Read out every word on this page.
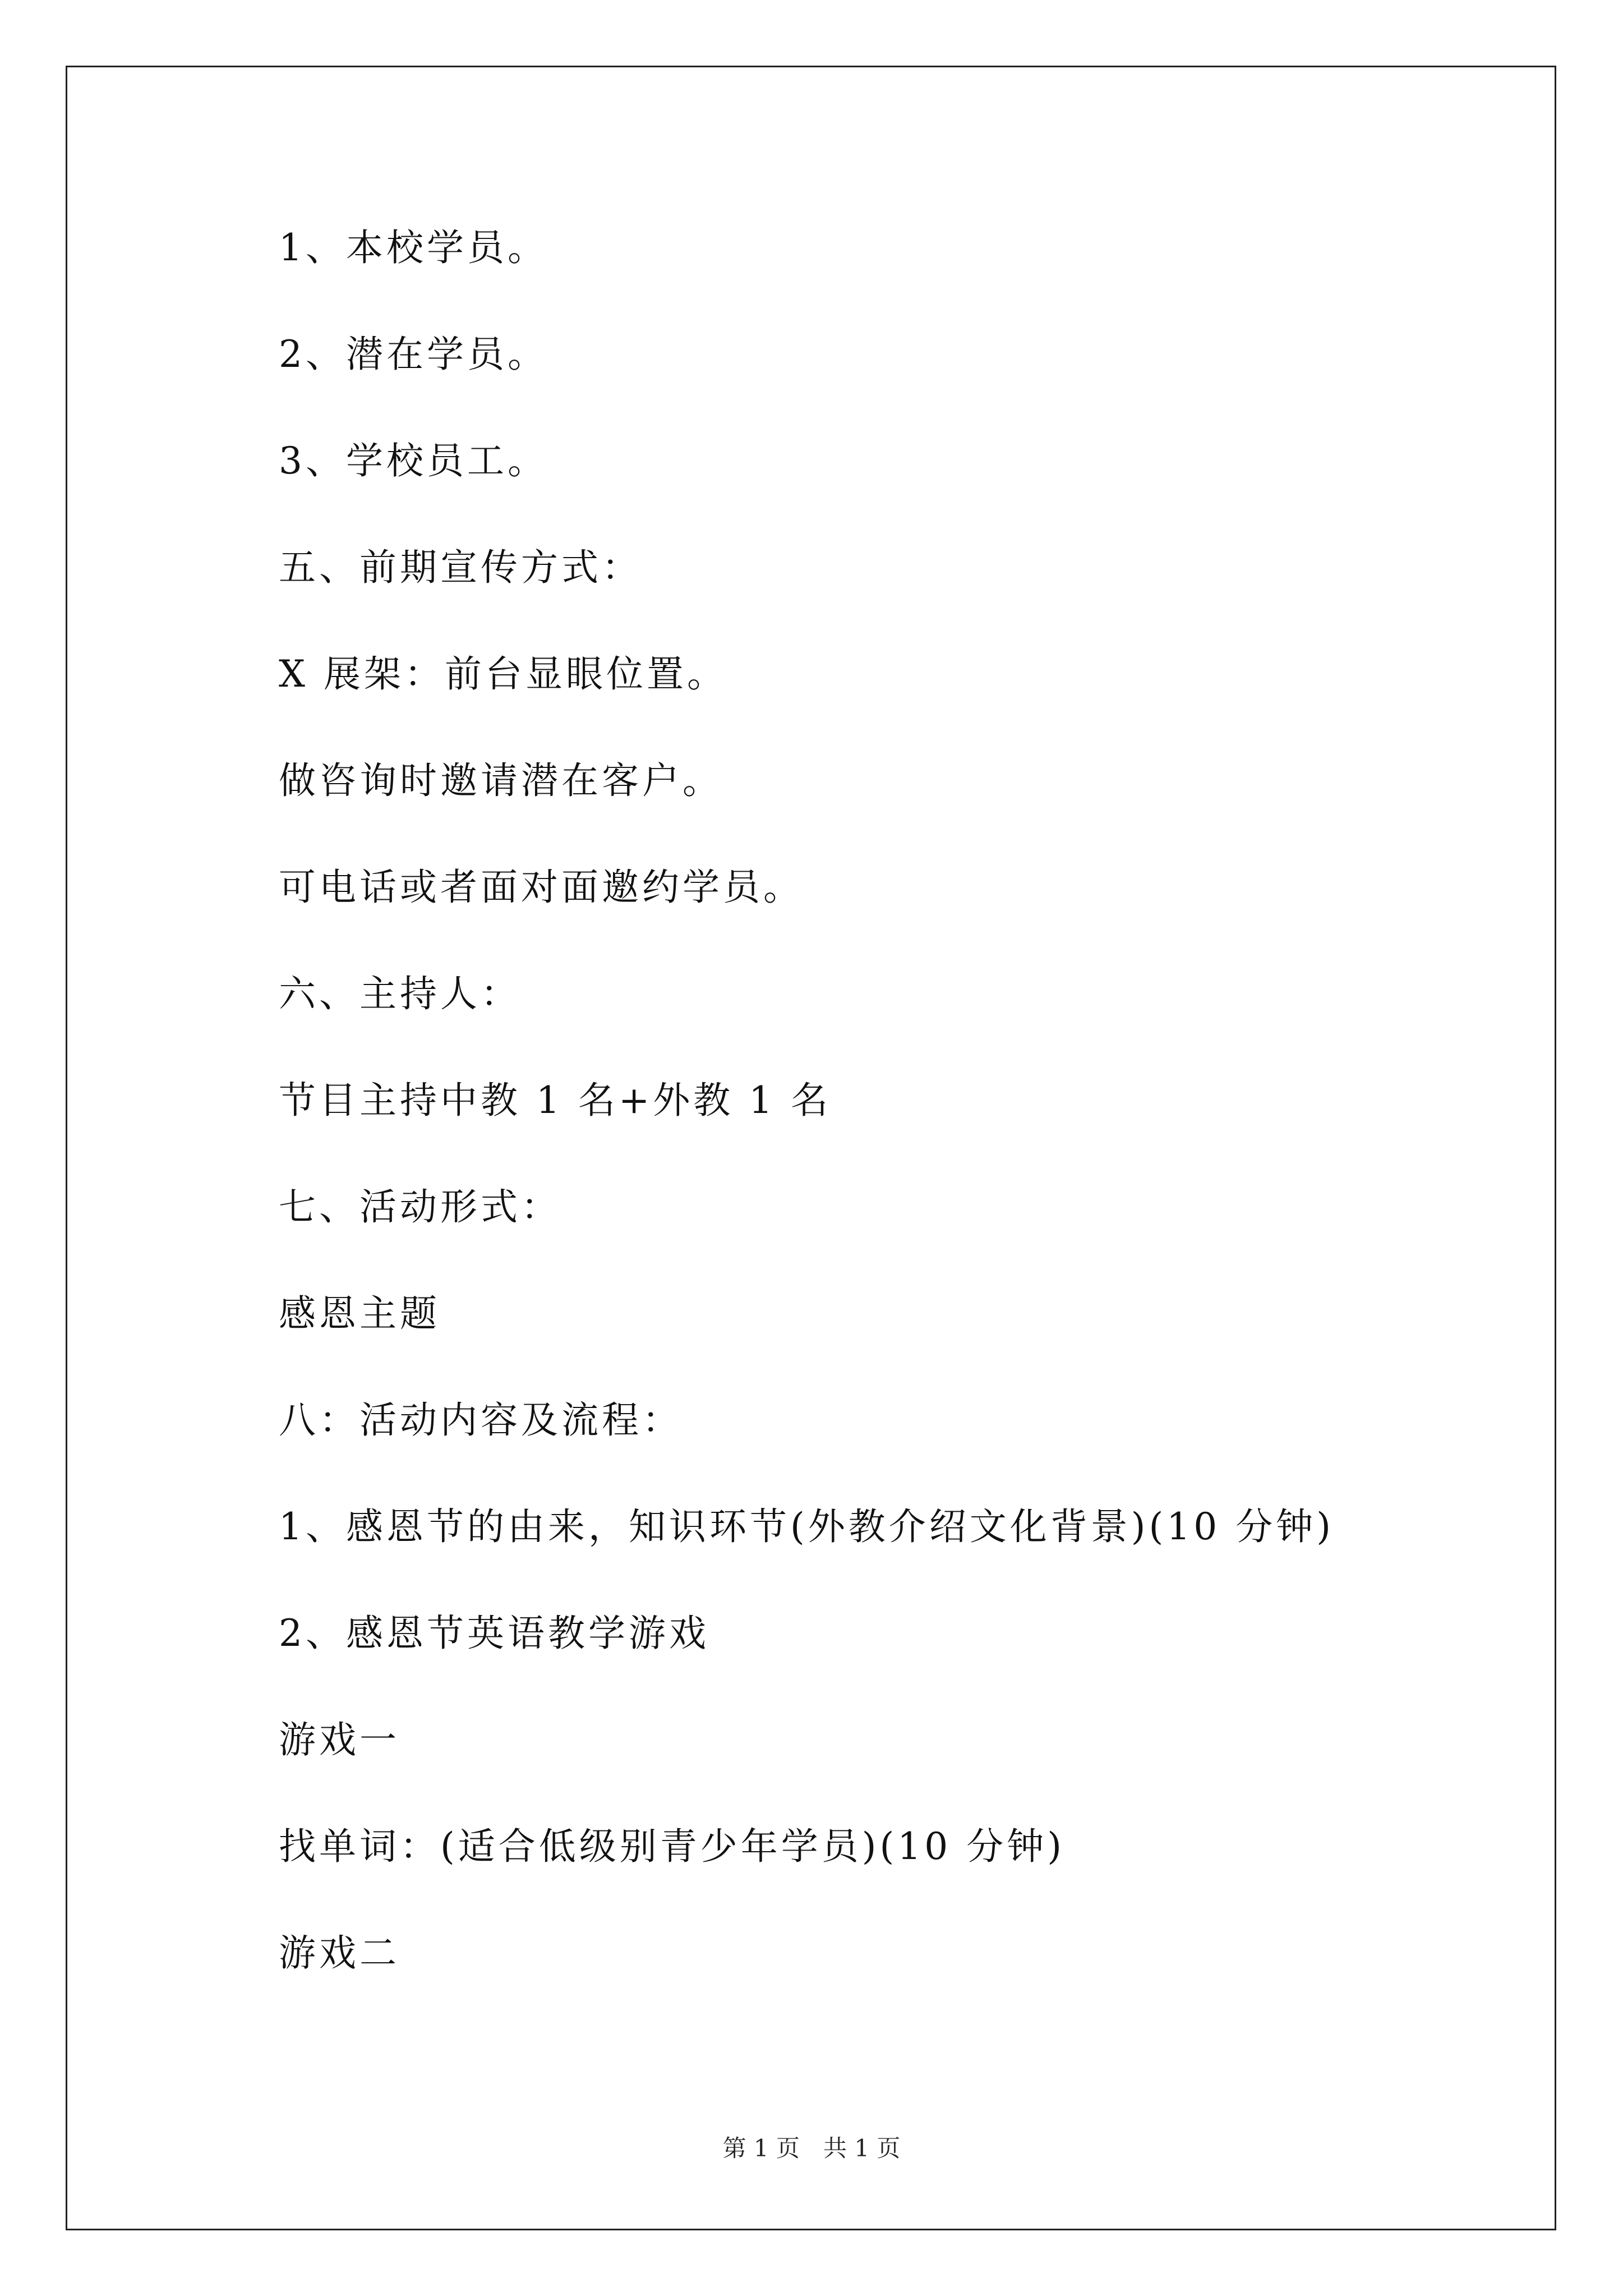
1、本校学员。
2、潜在学员。
3、学校员工。
五、前期宣传方式：
X 展架：前台显眼位置。
做咨询时邀请潜在客户。
可电话或者面对面邀约学员。
六、主持人：
节目主持中教 1 名+外教 1 名
七、活动形式：
感恩主题
八：活动内容及流程：
1、感恩节的由来，知识环节(外教介绍文化背景)(10 分钟)
2、感恩节英语教学游戏
游戏一
找单词：(适合低级别青少年学员)(10 分钟)
游戏二
第 1 页　共 1 页
